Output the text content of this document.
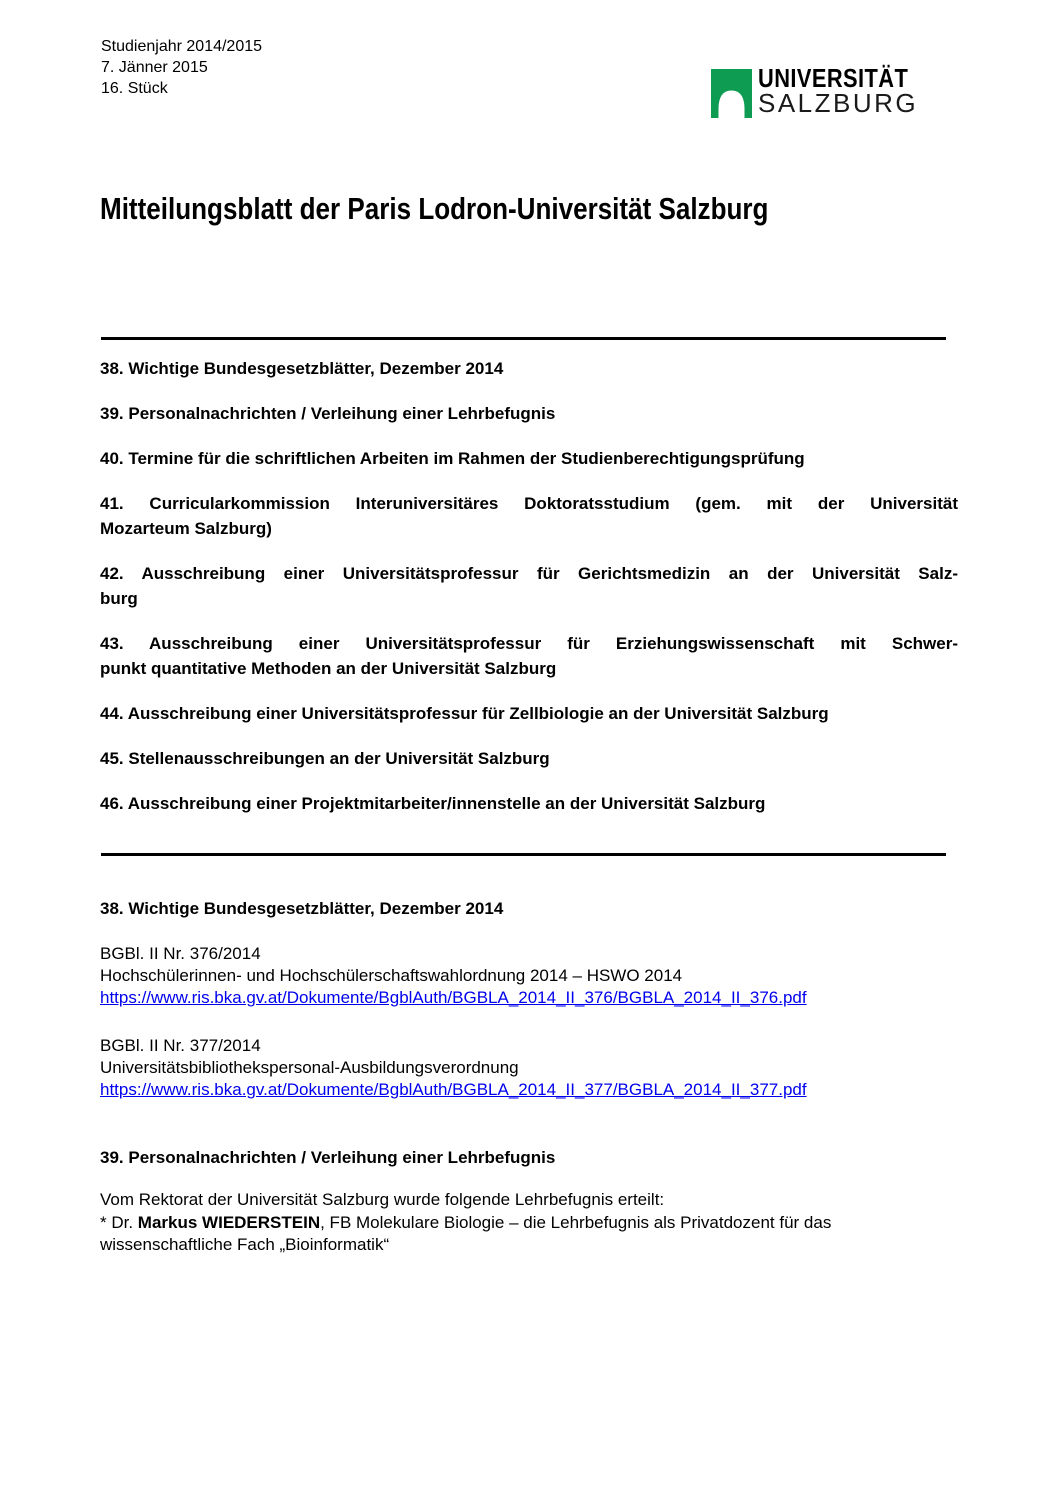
Studienjahr 2014/2015
7. Jänner 2015
16. Stück	UNIVERSITÄT
SALZBURG
Mitteilungsblatt der Paris Lodron-Universität Salzburg
38. Wichtige Bundesgesetzblätter, Dezember 2014
39. Personalnachrichten / Verleihung einer Lehrbefugnis
40. Termine für die schriftlichen Arbeiten im Rahmen der Studienberechtigungsprüfung
41. Curricularkommission Interuniversitäres Doktoratsstudium (gem. mit der Universität
Mozarteum Salzburg)
42. Ausschreibung einer Universitätsprofessur für Gerichtsmedizin an der Universität Salz-
burg
43. Ausschreibung einer Universitätsprofessur für Erziehungswissenschaft mit Schwer-
punkt quantitative Methoden an der Universität Salzburg
44. Ausschreibung einer Universitätsprofessur für Zellbiologie an der Universität Salzburg
45. Stellenausschreibungen an der Universität Salzburg
46. Ausschreibung einer Projektmitarbeiter/innenstelle an der Universität Salzburg
38. Wichtige Bundesgesetzblätter, Dezember 2014
BGBl. II Nr. 376/2014
Hochschülerinnen- und Hochschülerschaftswahlordnung 2014 – HSWO 2014
https://www.ris.bka.gv.at/Dokumente/BgblAuth/BGBLA_2014_II_376/BGBLA_2014_II_376.pdf
BGBl. II Nr. 377/2014
Universitätsbibliothekspersonal-Ausbildungsverordnung
https://www.ris.bka.gv.at/Dokumente/BgblAuth/BGBLA_2014_II_377/BGBLA_2014_II_377.pdf
39. Personalnachrichten / Verleihung einer Lehrbefugnis
Vom Rektorat der Universität Salzburg wurde folgende Lehrbefugnis erteilt:
* Dr. Markus WIEDERSTEIN, FB Molekulare Biologie – die Lehrbefugnis als Privatdozent für das wissenschaftliche Fach „Bioinformatik“
